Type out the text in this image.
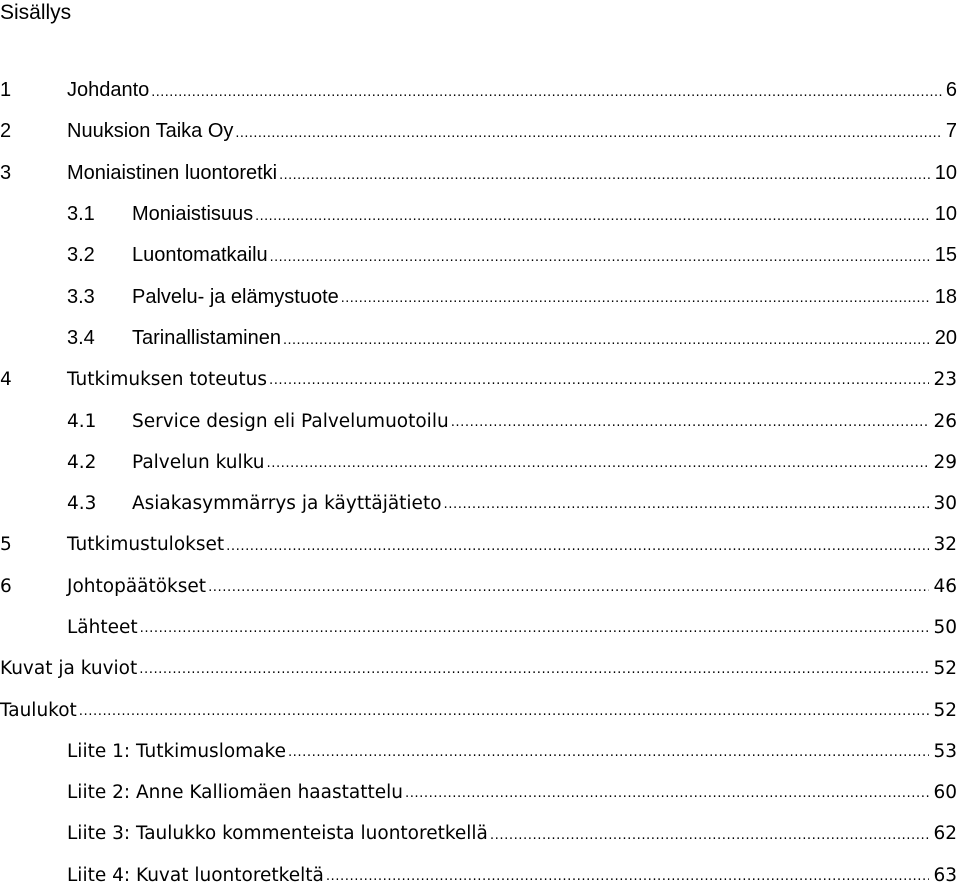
Sisällys
1	Johdanto .....	6
2	Nuuksion Taika Oy .....	7
3	Moniaistinen luontoretki .....	10
3.1	Moniaistisuus .....	10
3.2	Luontomatkailu .....	15
3.3	Palvelu- ja elämystuote .....	18
3.4	Tarinallistaminen .....	20
4	Tutkimuksen toteutus .....	23
4.1	Service design eli Palvelumuotoilu .....	26
4.2	Palvelun kulku .....	29
4.3	Asiakasymmärrys ja käyttäjätieto .....	30
5	Tutkimustulokset .....	32
6	Johtopäätökset .....	46
Lähteet .....	50
Kuvat ja kuviot .....	52
Taulukot .....	52
Liite 1: Tutkimuslomake .....	53
Liite 2: Anne Kalliomäen haastattelu .....	60
Liite 3: Taulukko kommenteista luontoretkellä .....	62
Liite 4: Kuvat luontoretkeltä .....	63
